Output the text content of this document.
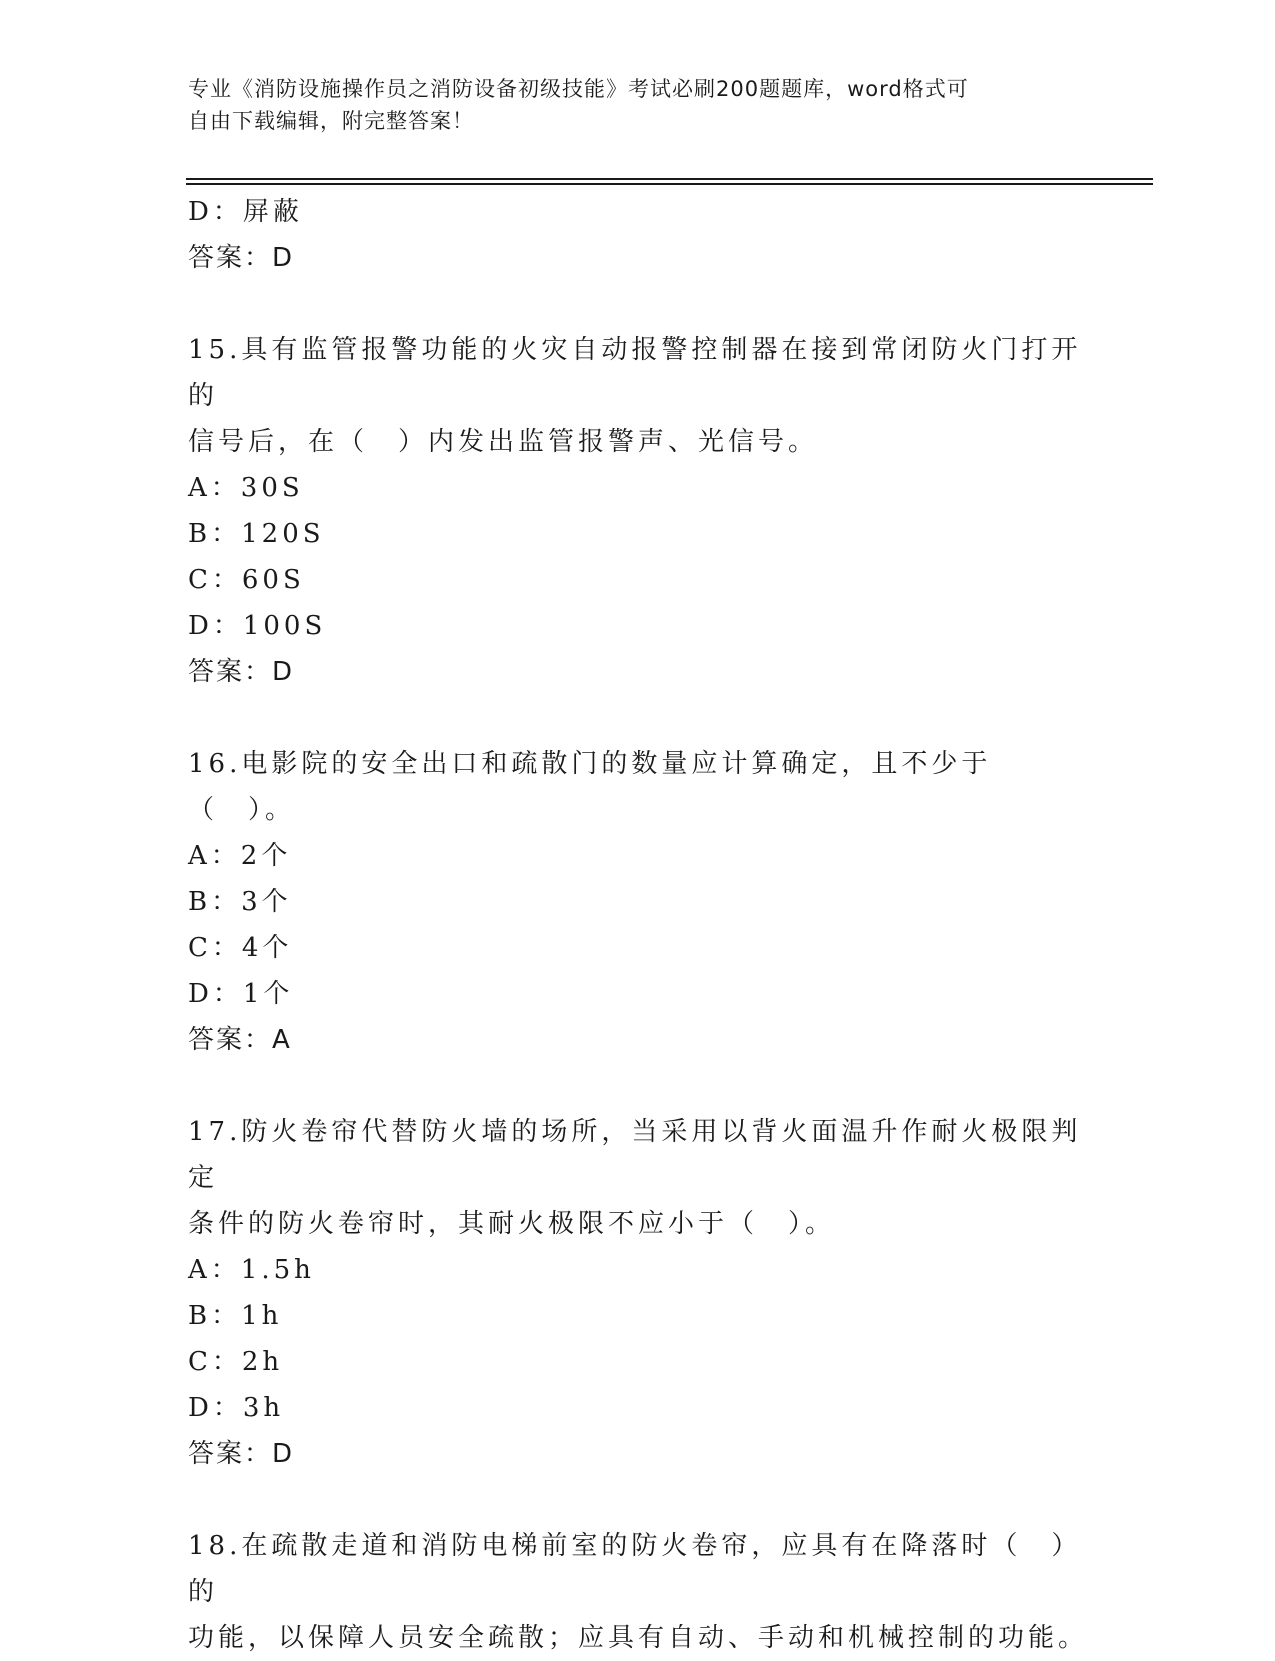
专业《消防设施操作员之消防设备初级技能》考试必刷200题题库，word格式可
自由下载编辑，附完整答案！
D：屏蔽
答案：D
15.具有监管报警功能的火灾自动报警控制器在接到常闭防火门打开的
信号后，在（　）内发出监管报警声、光信号。
A：30S
B：120S
C：60S
D：100S
答案：D
16.电影院的安全出口和疏散门的数量应计算确定，且不少于（　）。
A：2个
B：3个
C：4个
D：1个
答案：A
17.防火卷帘代替防火墙的场所，当采用以背火面温升作耐火极限判定
条件的防火卷帘时，其耐火极限不应小于（　）。
A：1.5h
B：1h
C：2h
D：3h
答案：D
18.在疏散走道和消防电梯前室的防火卷帘，应具有在降落时（　）的
功能，以保障人员安全疏散；应具有自动、手动和机械控制的功能。
